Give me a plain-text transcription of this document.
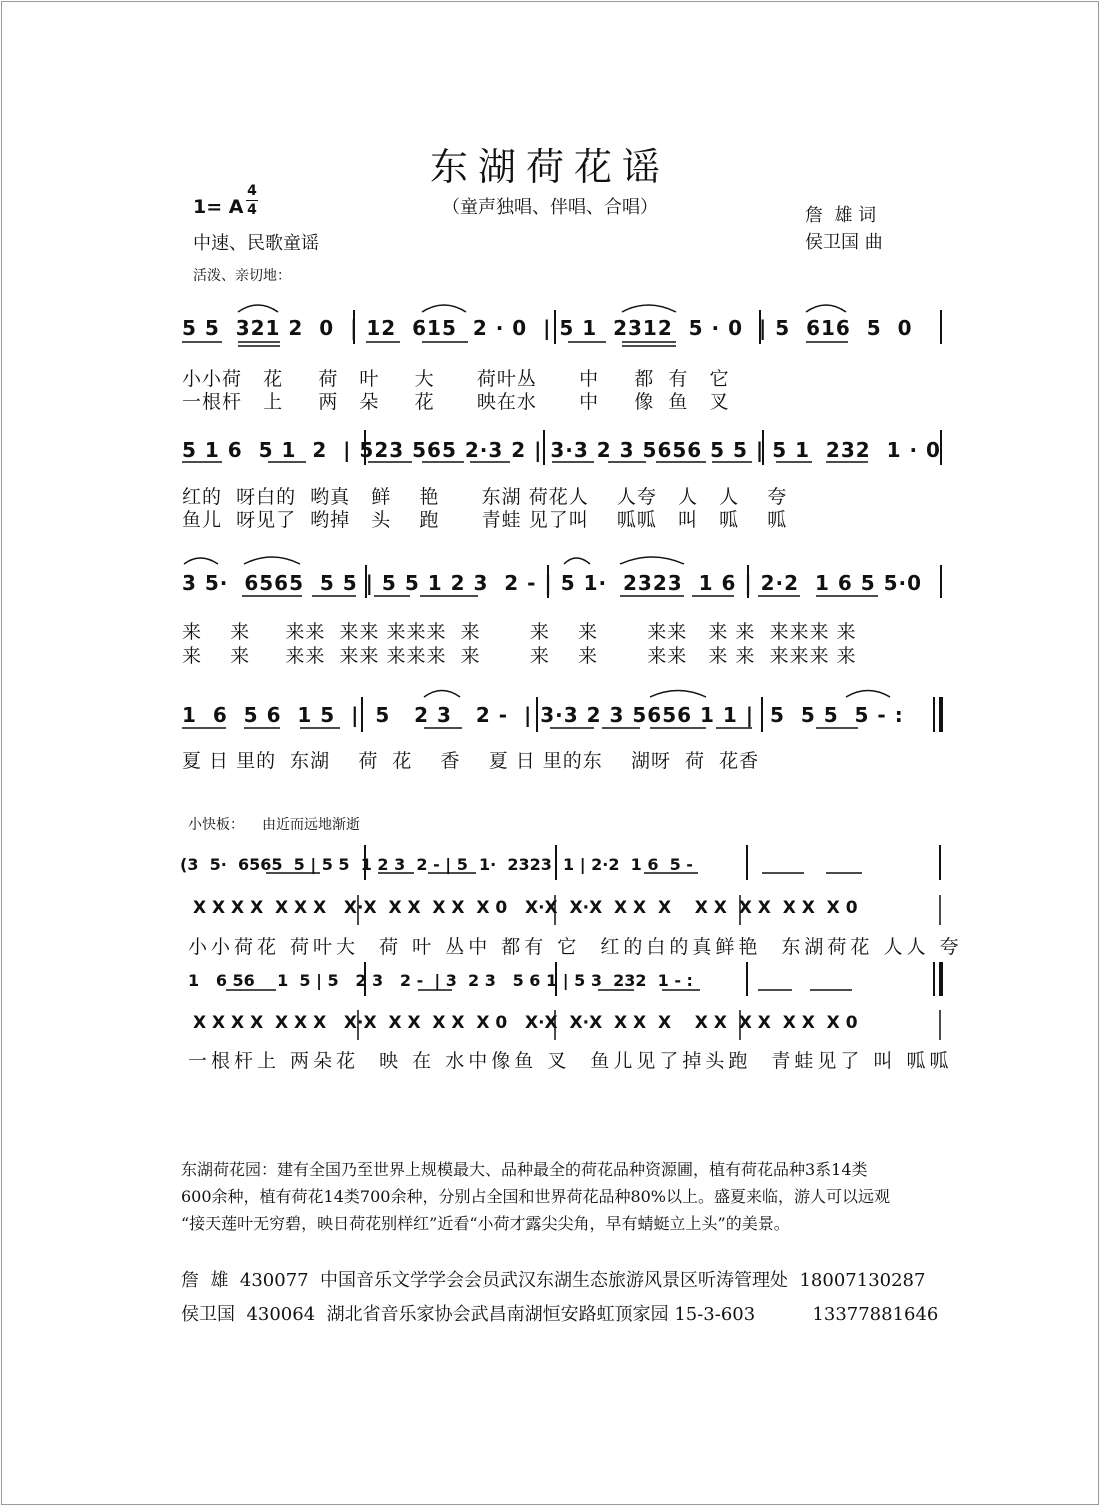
东湖荷花谣
1= A
4
4	（童声独唱、伴唱、合唱）	詹  雄 词
侯卫国 曲
中速、民歌童谣
活泼、亲切地：
5 5  321 2  0  | 12  615  2 · 0  | 5 1  2312  5 · 0  | 5  616  5  0
小小荷   花     荷   叶     大      荷叶丛      中     都  有   它
一根杆   上     两   朵     花      映在水      中     像  鱼   叉
5 1 6  5 1  2  | 523 565 2·3 2 | 3·3 2 3 5656 5 5 | 5 1  232  1 · 0
红的  呀白的  哟真   鲜    艳      东湖 荷花人    人夸   人   人    夸
鱼儿  呀见了  哟掉   头    跑      青蛙 见了叫    呱呱   叫   呱    呱
3 5·  6565  5 5 | 5 5 1 2 3  2 - | 5 1·  2323  1 6 | 2·2  1 6 5 5·0
来    来     来来  来来 来来来  来       来    来       来来   来 来  来来来 来
来    来     来来  来来 来来来  来       来    来       来来   来 来  来来来 来
1  6  5 6  1 5  |  5   2 3   2 -  | 3·3 2 3 5656 1 1 |  5  5 5  5 - :
夏 日 里的  东湖    荷  花    香    夏 日 里的东    湖呀  荷  花香
小快板： 由近而远地渐逝
(3  5·  6565  5 | 5 5  1 2 3  2 - | 5  1·  2323  1 | 2·2  1 6  5 -
X X X X  X X X   X·X  X X  X X  X 0   X·X  X·X  X X  X    X X  X X  X X  X 0
小小荷花 荷叶大  荷 叶 丛中 都有 它  红的白的真鲜艳  东湖荷花 人人 夸
1   6 56    1  5 | 5   2 3   2 -  | 3  2 3   5 6 1 | 5 3  232  1 - :
X X X X  X X X   X·X  X X  X X  X 0   X·X  X·X  X X  X    X X  X X  X X  X 0
一根杆上 两朵花  映 在 水中像鱼 叉  鱼儿见了掉头跑  青蛙见了 叫 呱呱
东湖荷花园：建有全国乃至世界上规模最大、品种最全的荷花品种资源圃，植有荷花品种3系14类
600余种，植有荷花14类700余种，分别占全国和世界荷花品种80%以上。盛夏来临，游人可以远观
“接天莲叶无穷碧，映日荷花别样红”近看“小荷才露尖尖角，早有蜻蜓立上头”的美景。
詹  雄  430077  中国音乐文学学会会员武汉东湖生态旅游风景区听涛管理处  18007130287
侯卫国  430064  湖北省音乐家协会武昌南湖恒安路虹顶家园 15-3-603          13377881646
